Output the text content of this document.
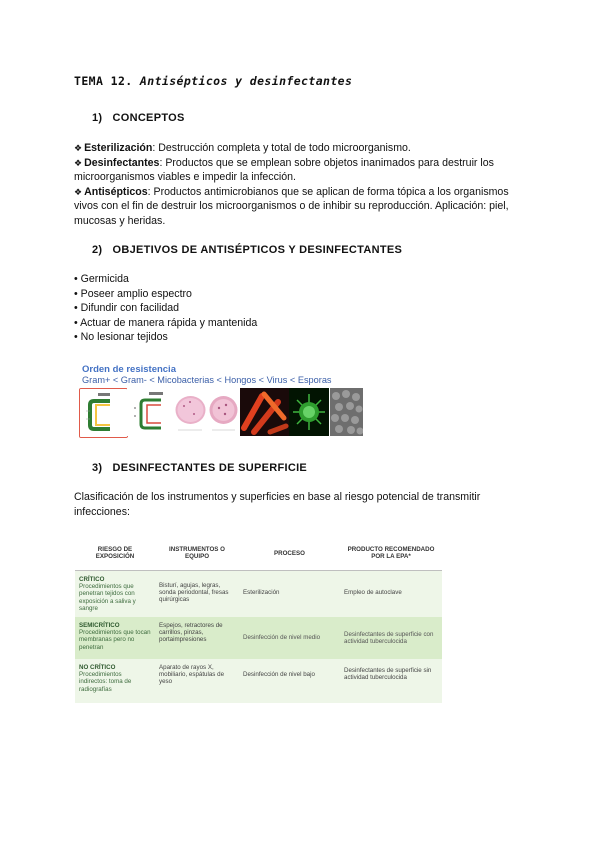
TEMA 12. Antisépticos y desinfectantes
1) CONCEPTOS
❖ Esterilización: Destrucción completa y total de todo microorganismo.
❖ Desinfectantes: Productos que se emplean sobre objetos inanimados para destruir los microorganismos viables e impedir la infección.
❖ Antisépticos: Productos antimicrobianos que se aplican de forma tópica a los organismos vivos con el fin de destruir los microorganismos o de inhibir su reproducción. Aplicación: piel, mucosas y heridas.
2) OBJETIVOS DE ANTISÉPTICOS Y DESINFECTANTES
• Germicida
• Poseer amplio espectro
• Difundir con facilidad
• Actuar de manera rápida y mantenida
• No lesionar tejidos
Orden de resistencia
Gram+ < Gram- < Micobacterias < Hongos < Virus < Esporas
3) DESINFECTANTES DE SUPERFICIE
Clasificación de los instrumentos y superficies en base al riesgo potencial de transmitir infecciones:
RIESGO DE EXPOSICIÓN	INSTRUMENTOS O EQUIPO	PROCESO	PRODUCTO RECOMENDADO POR LA EPA*
CRÍTICO
Procedimientos que penetran tejidos con exposición a saliva y sangre	Bisturí, agujas, legras, sonda periodontal, fresas quirúrgicas	Esterilización	Empleo de autoclave
SEMICRÍTICO
Procedimientos que tocan membranas pero no penetran	Espejos, retractores de carrillos, pinzas, portaimpresiones	Desinfección de nivel medio	Desinfectantes de superficie con actividad tuberculocida
NO CRÍTICO
Procedimientos indirectos: toma de radiografías	Aparato de rayos X, mobiliario, espátulas de yeso	Desinfección de nivel bajo	Desinfectantes de superficie sin actividad tuberculocida
